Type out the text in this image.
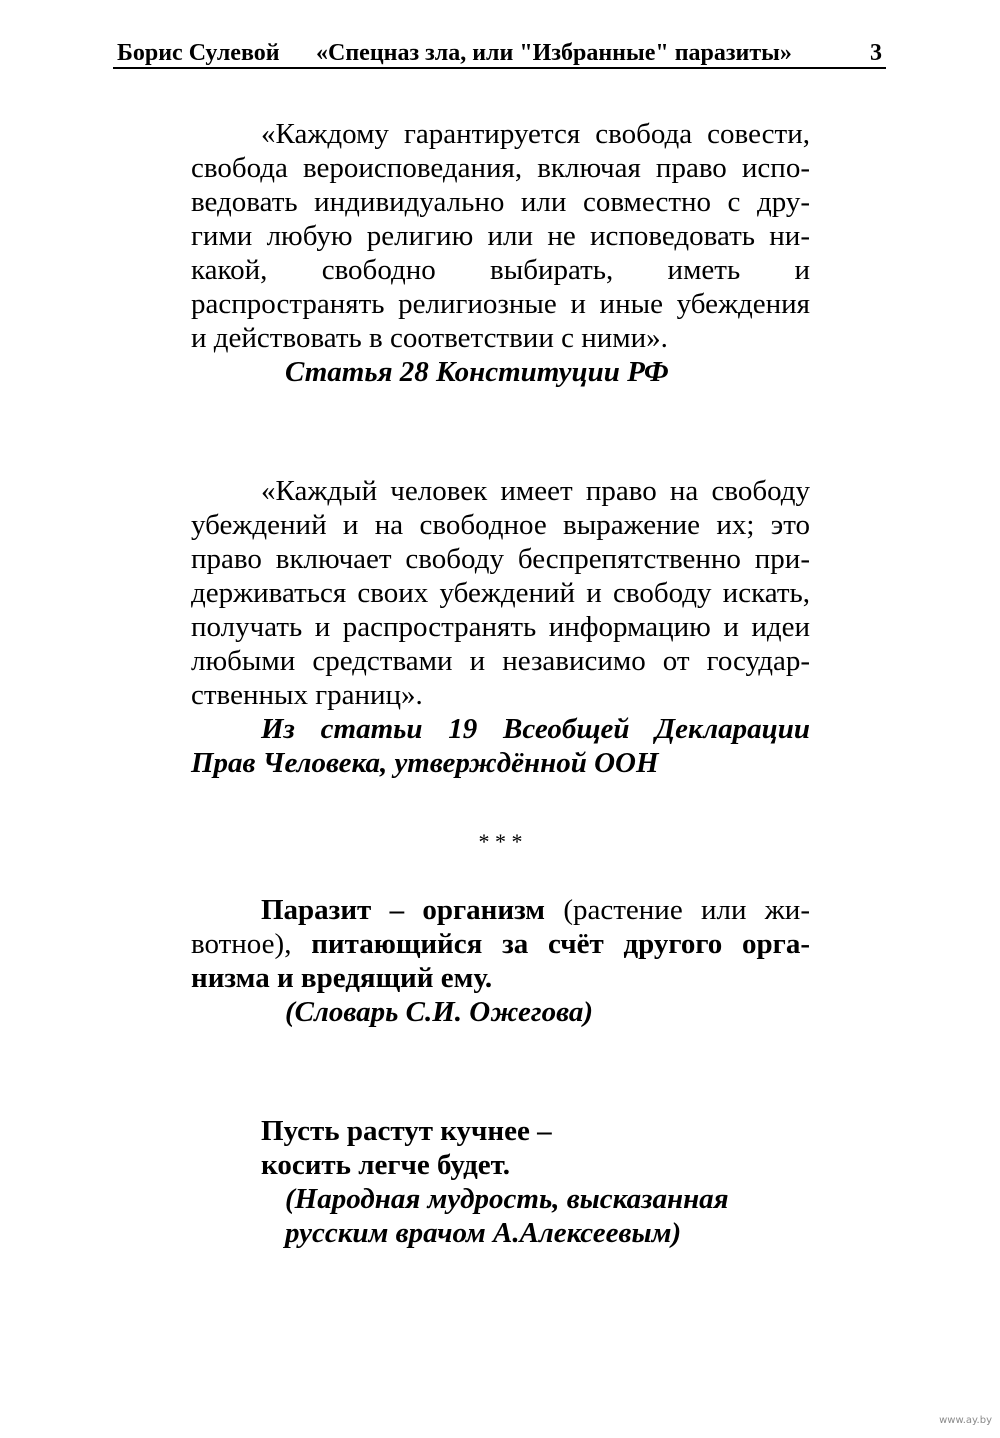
Борис Сулевой «Спецназ зла, или "Избранные" паразиты»	3
«Каждому гарантируется свобода совести,
свобода вероисповедания, включая право испо-
ведовать индивидуально или совместно с дру-
гими любую религию или не исповедовать ни-
какой, свободно выбирать, иметь и
распространять религиозные и иные убеждения
и действовать в соответствии с ними».
Статья 28 Конституции РФ
«Каждый человек имеет право на свободу
убеждений и на свободное выражение их; это
право включает свободу беспрепятственно при-
держиваться своих убеждений и свободу искать,
получать и распространять информацию и идеи
любыми средствами и независимо от государ-
ственных границ».
Из статьи 19 Всеобщей Декларации
Прав Человека, утверждённой ООН
* * *
Паразит – организм (растение или жи-
вотное), питающийся за счёт другого орга-
низма и вредящий ему.
(Словарь С.И. Ожегова)
Пусть растут кучнее –
косить легче будет.
(Народная мудрость, высказанная
русским врачом А.Алексеевым)
www.ay.by
